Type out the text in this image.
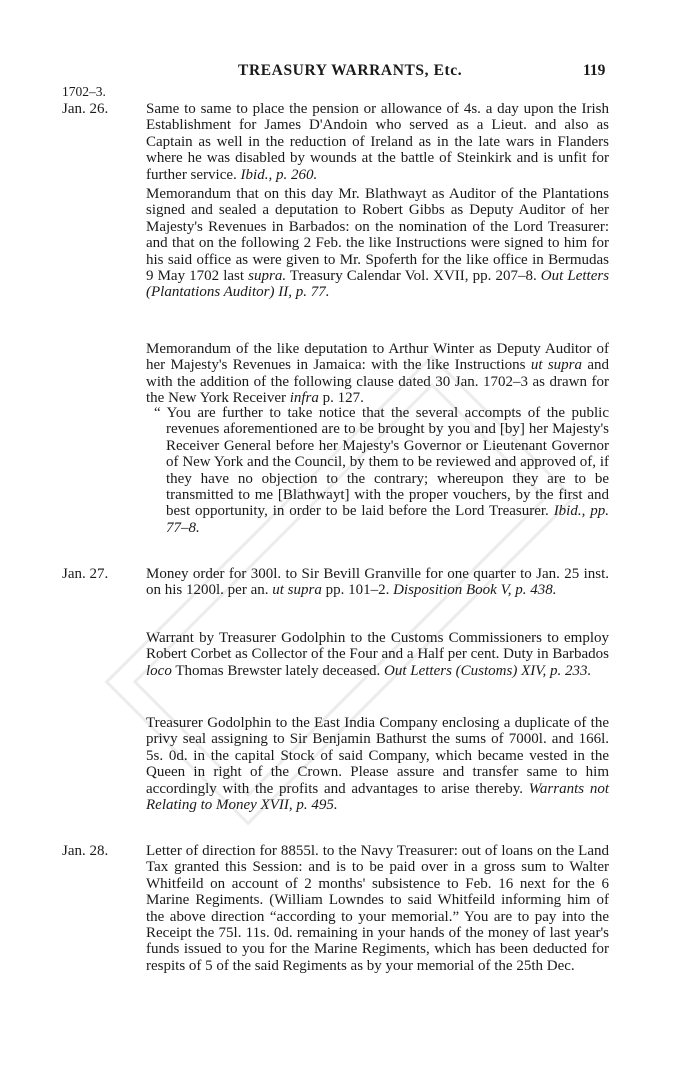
TREASURY WARRANTS, Etc.	119
1702–3.
Jan. 26.	Same to same to place the pension or allowance of 4s. a day upon the Irish Establishment for James D'Andoin who served as a Lieut. and also as Captain as well in the reduction of Ireland as in the late wars in Flanders where he was disabled by wounds at the battle of Steinkirk and is unfit for further service. Ibid., p. 260.
Memorandum that on this day Mr. Blathwayt as Auditor of the Plantations signed and sealed a deputation to Robert Gibbs as Deputy Auditor of her Majesty's Revenues in Barbados: on the nomination of the Lord Treasurer: and that on the following 2 Feb. the like Instructions were signed to him for his said office as were given to Mr. Spoferth for the like office in Bermudas 9 May 1702 last supra. Treasury Calendar Vol. XVII, pp. 207–8. Out Letters (Plantations Auditor) II, p. 77.
Memorandum of the like deputation to Arthur Winter as Deputy Auditor of her Majesty's Revenues in Jamaica: with the like Instructions ut supra and with the addition of the following clause dated 30 Jan. 1702–3 as drawn for the New York Receiver infra p. 127.
“ You are further to take notice that the several accompts of the public revenues aforementioned are to be brought by you and [by] her Majesty's Receiver General before her Majesty's Governor or Lieutenant Governor of New York and the Council, by them to be reviewed and approved of, if they have no objection to the contrary; whereupon they are to be transmitted to me [Blathwayt] with the proper vouchers, by the first and best opportunity, in order to be laid before the Lord Treasurer. Ibid., pp. 77–8.
Jan. 27.	Money order for 300l. to Sir Bevill Granville for one quarter to Jan. 25 inst. on his 1200l. per an. ut supra pp. 101–2. Disposition Book V, p. 438.
Warrant by Treasurer Godolphin to the Customs Commissioners to employ Robert Corbet as Collector of the Four and a Half per cent. Duty in Barbados loco Thomas Brewster lately deceased. Out Letters (Customs) XIV, p. 233.
Treasurer Godolphin to the East India Company enclosing a duplicate of the privy seal assigning to Sir Benjamin Bathurst the sums of 7000l. and 166l. 5s. 0d. in the capital Stock of said Company, which became vested in the Queen in right of the Crown. Please assure and transfer same to him accordingly with the profits and advantages to arise thereby. Warrants not Relating to Money XVII, p. 495.
Jan. 28.	Letter of direction for 8855l. to the Navy Treasurer: out of loans on the Land Tax granted this Session: and is to be paid over in a gross sum to Walter Whitfeild on account of 2 months' subsistence to Feb. 16 next for the 6 Marine Regiments. (William Lowndes to said Whitfeild informing him of the above direction “according to your memorial.” You are to pay into the Receipt the 75l. 11s. 0d. remaining in your hands of the money of last year's funds issued to you for the Marine Regiments, which has been deducted for respits of 5 of the said Regiments as by your memorial of the 25th Dec.
